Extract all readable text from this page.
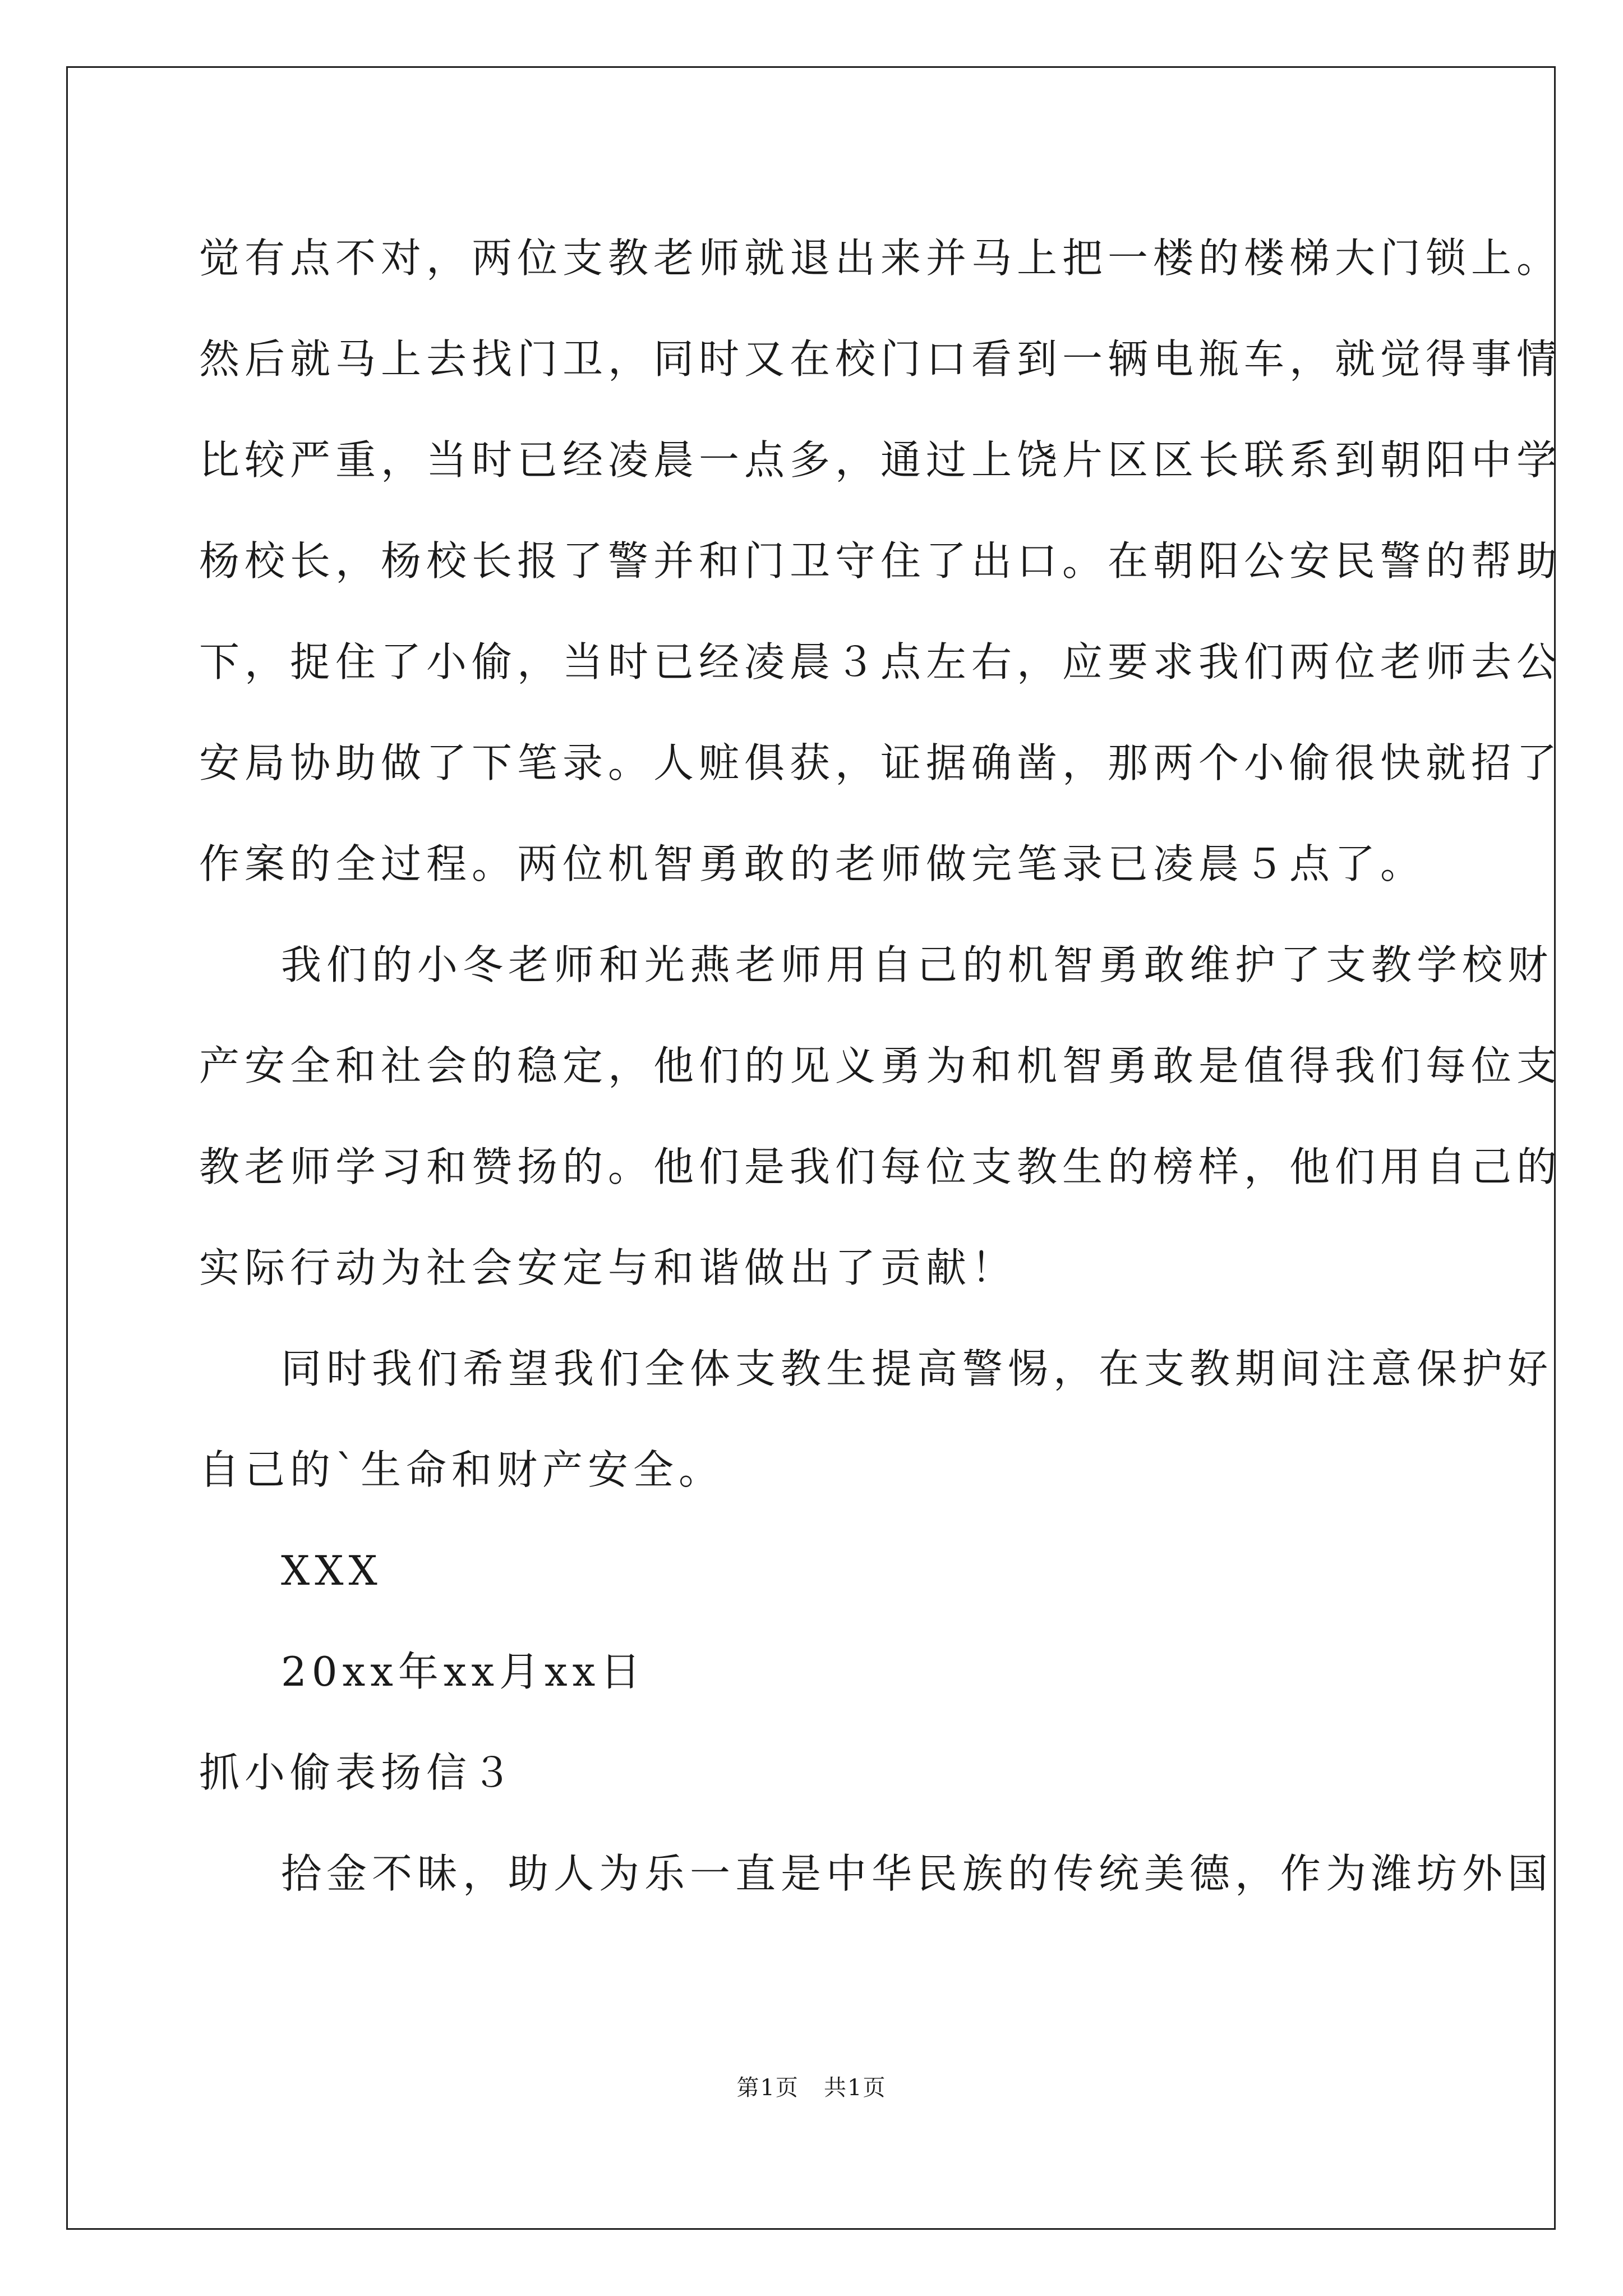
觉有点不对，两位支教老师就退出来并马上把一楼的楼梯大门锁上。
然后就马上去找门卫，同时又在校门口看到一辆电瓶车，就觉得事情
比较严重，当时已经凌晨一点多，通过上饶片区区长联系到朝阳中学
杨校长，杨校长报了警并和门卫守住了出口。在朝阳公安民警的帮助
下，捉住了小偷，当时已经凌晨３点左右，应要求我们两位老师去公
安局协助做了下笔录。人赃俱获，证据确凿，那两个小偷很快就招了
作案的全过程。两位机智勇敢的老师做完笔录已凌晨５点了。
我们的小冬老师和光燕老师用自己的机智勇敢维护了支教学校财
产安全和社会的稳定，他们的见义勇为和机智勇敢是值得我们每位支
教老师学习和赞扬的。他们是我们每位支教生的榜样，他们用自己的
实际行动为社会安定与和谐做出了贡献！
同时我们希望我们全体支教生提高警惕，在支教期间注意保护好
自己的`生命和财产安全。
XXX
20xx年xx月xx日
抓小偷表扬信３
拾金不昧，助人为乐一直是中华民族的传统美德，作为潍坊外国
第1页   共1页
